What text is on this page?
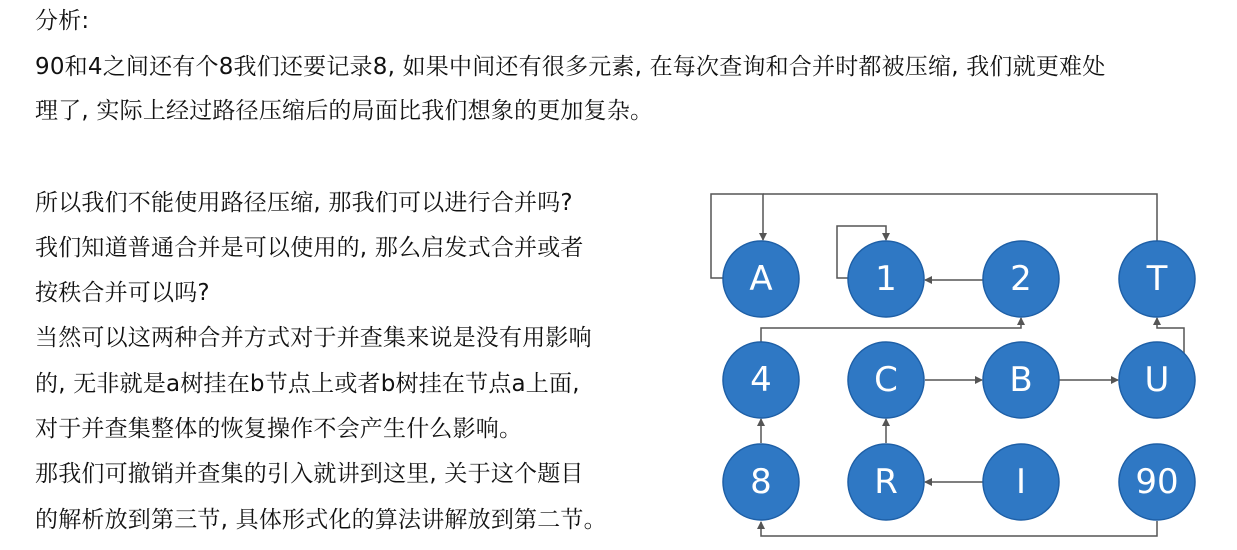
分析:
90和4之间还有个8我们还要记录8, 如果中间还有很多元素, 在每次查询和合并时都被压缩, 我们就更难处
理了, 实际上经过路径压缩后的局面比我们想象的更加复杂。
所以我们不能使用路径压缩, 那我们可以进行合并吗?
我们知道普通合并是可以使用的, 那么启发式合并或者
按秩合并可以吗?
当然可以这两种合并方式对于并查集来说是没有用影响
的, 无非就是a树挂在b节点上或者b树挂在节点a上面,
对于并查集整体的恢复操作不会产生什么影响。
那我们可撤销并查集的引入就讲到这里, 关于这个题目
的解析放到第三节, 具体形式化的算法讲解放到第二节。
A	1	2	T
4	C	B	U
8	R	I	90
